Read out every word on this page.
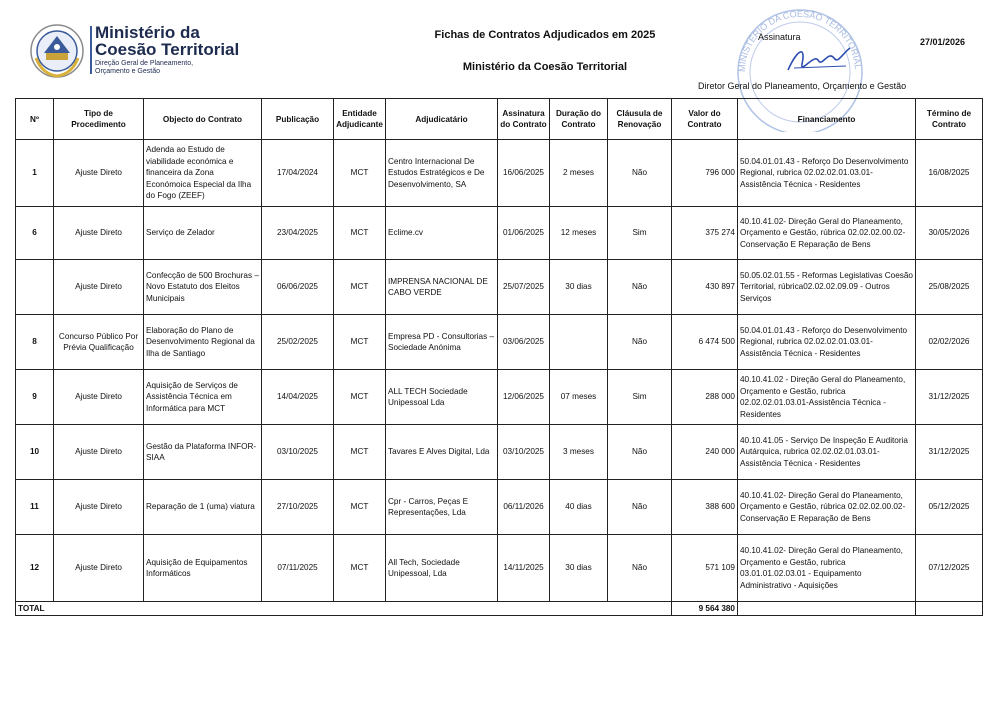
Ministério da
Coesão Territorial
Direção Geral de Planeamento,
Orçamento e Gestão
Fichas de Contratos Adjudicados em 2025
Ministério da Coesão Territorial	MINISTÉRIO DA COESÃO TERRITORIAL
Assinatura
Diretor Geral do Planeamento, Orçamento e Gestão
27/01/2026
Nº	Tipo de Procedimento	Objecto do Contrato	Publicação	Entidade Adjudicante	Adjudicatário	Assinatura do Contrato	Duração do Contrato	Cláusula de Renovação	Valor do Contrato	Financiamento	Término de Contrato
1	Ajuste Direto	Adenda ao Estudo de viabilidade económica e financeira da Zona Económoica Especial da Ilha do Fogo (ZEEF)	17/04/2024	MCT	Centro Internacional De Estudos Estratégicos e De Desenvolvimento, SA	16/06/2025	2 meses	Não	796 000	50.04.01.01.43 - Reforço Do Desenvolvimento Regional, rubrica 02.02.02.01.03.01-Assistência Técnica - Residentes	16/08/2025
6	Ajuste Direto	Serviço de Zelador	23/04/2025	MCT	Eclime.cv	01/06/2025	12 meses	Sim	375 274	40.10.41.02- Direção Geral do Planeamento, Orçamento e Gestão, rúbrica 02.02.02.00.02-Conservação E Reparação de Bens	30/05/2026
	Ajuste Direto	Confecção de 500 Brochuras – Novo Estatuto dos Eleitos Municipais	06/06/2025	MCT	IMPRENSA NACIONAL DE CABO VERDE	25/07/2025	30 dias	Não	430 897	50.05.02.01.55 - Reformas Legislativas Coesão Territorial, rúbrica02.02.02.09.09 - Outros Serviços	25/08/2025
8	Concurso Público Por Prévia Qualificação	Elaboração do Plano de Desenvolvimento Regional da Ilha de Santiago	25/02/2025	MCT	Empresa PD - Consultorias – Sociedade Anónima	03/06/2025		Não	6 474 500	50.04.01.01.43 - Reforço do Desenvolvimento Regional, rubrica 02.02.02.01.03.01-Assistência Técnica - Residentes	02/02/2026
9	Ajuste Direto	Aquisição de Serviços de Assistência Técnica em Informática para MCT	14/04/2025	MCT	ALL TECH Sociedade Unipessoal Lda	12/06/2025	07 meses	Sim	288 000	40.10.41.02 - Direção Geral do Planeamento, Orçamento e Gestão, rubrica 02.02.02.01.03.01-Assistência Técnica - Residentes	31/12/2025
10	Ajuste Direto	Gestão da Plataforma INFOR-SIAA	03/10/2025	MCT	Tavares E Alves Digital, Lda	03/10/2025	3 meses	Não	240 000	40.10.41.05 - Serviço De Inspeção E Auditoria Autárquica, rubrica 02.02.02.01.03.01-Assistência Técnica - Residentes	31/12/2025
11	Ajuste Direto	Reparação de 1 (uma) viatura	27/10/2025	MCT	Cpr - Carros, Peças E Representações, Lda	06/11/2026	40 dias	Não	388 600	40.10.41.02- Direção Geral do Planeamento, Orçamento e Gestão, rúbrica 02.02.02.00.02-Conservação E Reparação de Bens	05/12/2025
12	Ajuste Direto	Aquisição de Equipamentos Informáticos	07/11/2025	MCT	All Tech, Sociedade Unipessoal, Lda	14/11/2025	30 dias	Não	571 109	40.10.41.02- Direção Geral do Planeamento, Orçamento e Gestão, rubrica 03.01.01.02.03.01 - Equipamento Administrativo - Aquisições	07/12/2025
TOTAL									9 564 380		
